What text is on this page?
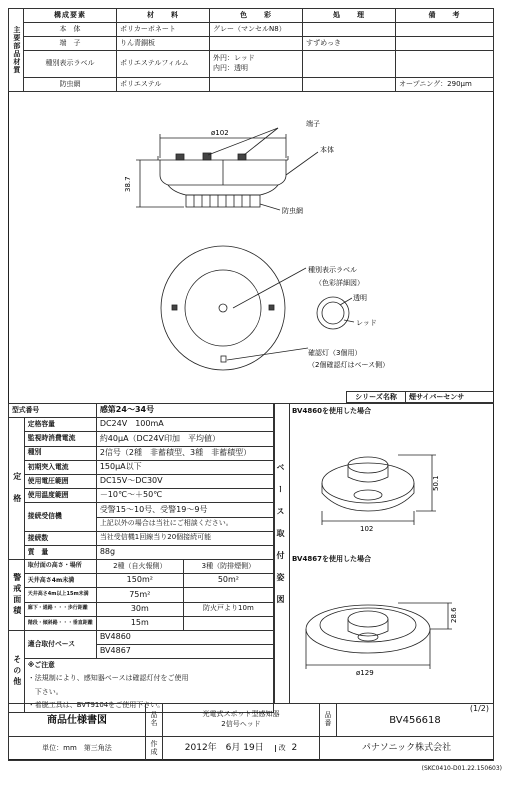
主要部品材質	構成要素	材　　料	色　　彩	処　　理	備　　考
	本　体	ポリカーボネート	グレー（マンセルN8）		
	端　子	りん青銅板		すずめっき	
	種別表示ラベル	ポリエステルフィルム	外円：レッド
内円：透明		
	防虫網	ポリエステル			オープニング：290μm
端子
本体
防虫網
ø102
38.7
種別表示ラベル
（色彩詳細図）
透明
レッド
確認灯（3個用）
（2個確認灯はベース側）
シリーズ名称	煙サイバーセンサ
型式番号		感第24～34号	
定　格	定格容量	DC24V　100mA	
	監視時消費電流	約40μA（DC24V印加　平均値）	
	種別	2信号（2種　非蓄積型、3種　非蓄積型）	
	初期突入電流	150μA以下	
	使用電圧範囲	DC15V～DC30V	
	使用温度範囲	－10℃～＋50℃	
	接続受信機	受警15～10号、受警19～9号	
		上記以外の場合は当社にご相談ください。	
	接続数	当社受信機1回線当り20個接続可能	
	質　量	88g	
警戒面積	取付面の高さ・場所	2種（自火報側）	3種（防排煙側）
	天井高さ4m未満	150m²	50m²
	天井高さ4m以上15m未満	75m²	
	廊下・通路・・・歩行距離	30m	防火戸より10m
	階段・傾斜路・・・垂直距離	15m	
その他	適合取付ベース	BV4860	
		BV4867	
	※ご注意		
	・法規制により、感知器ベースは確認灯付をご使用		
	　下さい。		
	・着脱工具は、BVT9104をご使用下さい。		
ベース取付姿図
BV4860を使用した場合
BV4867を使用した場合
50.1
102
28.6
ø129
商品仕様書図	品名	光電式スポット型感知器
2信号ヘッド	品番	(1/2)
BV456618
単位：mm　第三角法	作成	2012年　6月 19日 改 2	パナソニック株式会社	
(SKC0410-D01.22.150603)
